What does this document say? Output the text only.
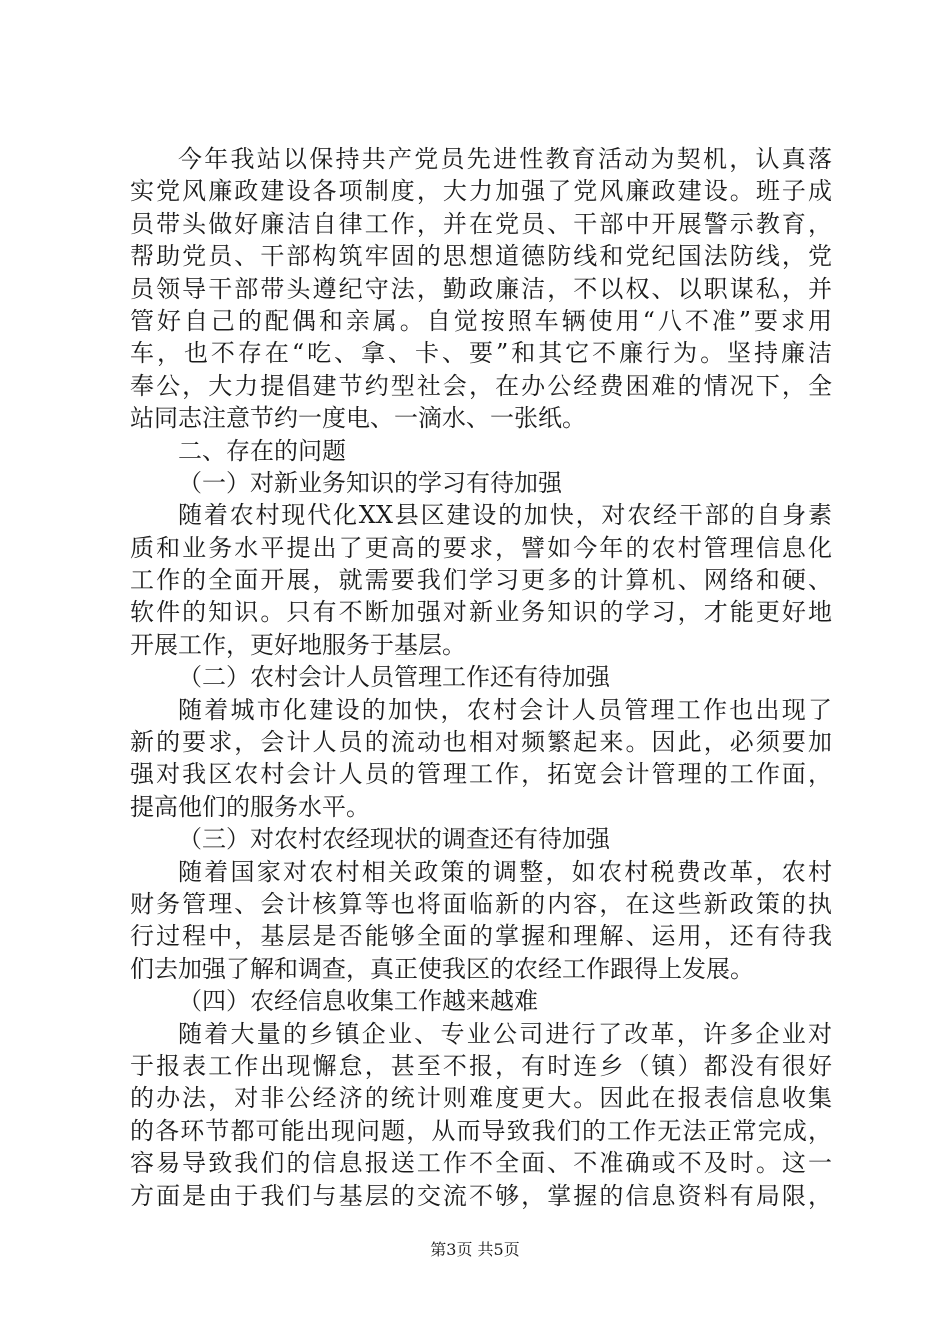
今年我站以保持共产党员先进性教育活动为契机，认真落
实党风廉政建设各项制度，大力加强了党风廉政建设。班子成
员带头做好廉洁自律工作，并在党员、干部中开展警示教育，
帮助党员、干部构筑牢固的思想道德防线和党纪国法防线，党
员领导干部带头遵纪守法，勤政廉洁，不以权、以职谋私，并
管好自己的配偶和亲属。自觉按照车辆使用“八不准”要求用
车，也不存在“吃、拿、卡、要”和其它不廉行为。坚持廉洁
奉公，大力提倡建节约型社会，在办公经费困难的情况下，全
站同志注意节约一度电、一滴水、一张纸。
二、存在的问题
（一）对新业务知识的学习有待加强
随着农村现代化XX县区建设的加快，对农经干部的自身素
质和业务水平提出了更高的要求，譬如今年的农村管理信息化
工作的全面开展，就需要我们学习更多的计算机、网络和硬、
软件的知识。只有不断加强对新业务知识的学习，才能更好地
开展工作，更好地服务于基层。
（二）农村会计人员管理工作还有待加强
随着城市化建设的加快，农村会计人员管理工作也出现了
新的要求，会计人员的流动也相对频繁起来。因此，必须要加
强对我区农村会计人员的管理工作，拓宽会计管理的工作面，
提高他们的服务水平。
（三）对农村农经现状的调查还有待加强
随着国家对农村相关政策的调整，如农村税费改革，农村
财务管理、会计核算等也将面临新的内容，在这些新政策的执
行过程中，基层是否能够全面的掌握和理解、运用，还有待我
们去加强了解和调查，真正使我区的农经工作跟得上发展。
（四）农经信息收集工作越来越难
随着大量的乡镇企业、专业公司进行了改革，许多企业对
于报表工作出现懈怠，甚至不报，有时连乡（镇）都没有很好
的办法，对非公经济的统计则难度更大。因此在报表信息收集
的各环节都可能出现问题，从而导致我们的工作无法正常完成，
容易导致我们的信息报送工作不全面、不准确或不及时。这一
方面是由于我们与基层的交流不够，掌握的信息资料有局限，
第3页 共5页
